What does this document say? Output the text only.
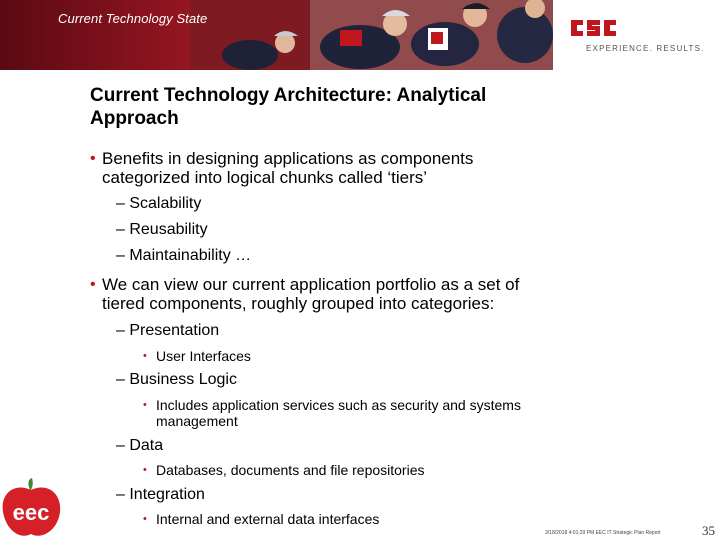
Current Technology State
EXPERIENCE. RESULTS.
Current Technology Architecture: Analytical
Approach
• Benefits in designing applications as components
categorized into logical chunks called ‘tiers’
– Scalability
– Reusability
– Maintainability …
• We can view our current application portfolio as a set of
tiered components, roughly grouped into categories:
– Presentation
• User Interfaces
– Business Logic
• Includes application services such as security and systems
management
– Data
• Databases, documents and file repositories
– Integration
• Internal and external data interfaces
eec
3/18/2018 4:01:29 PM EEC IT Strategic Plan Report	35
